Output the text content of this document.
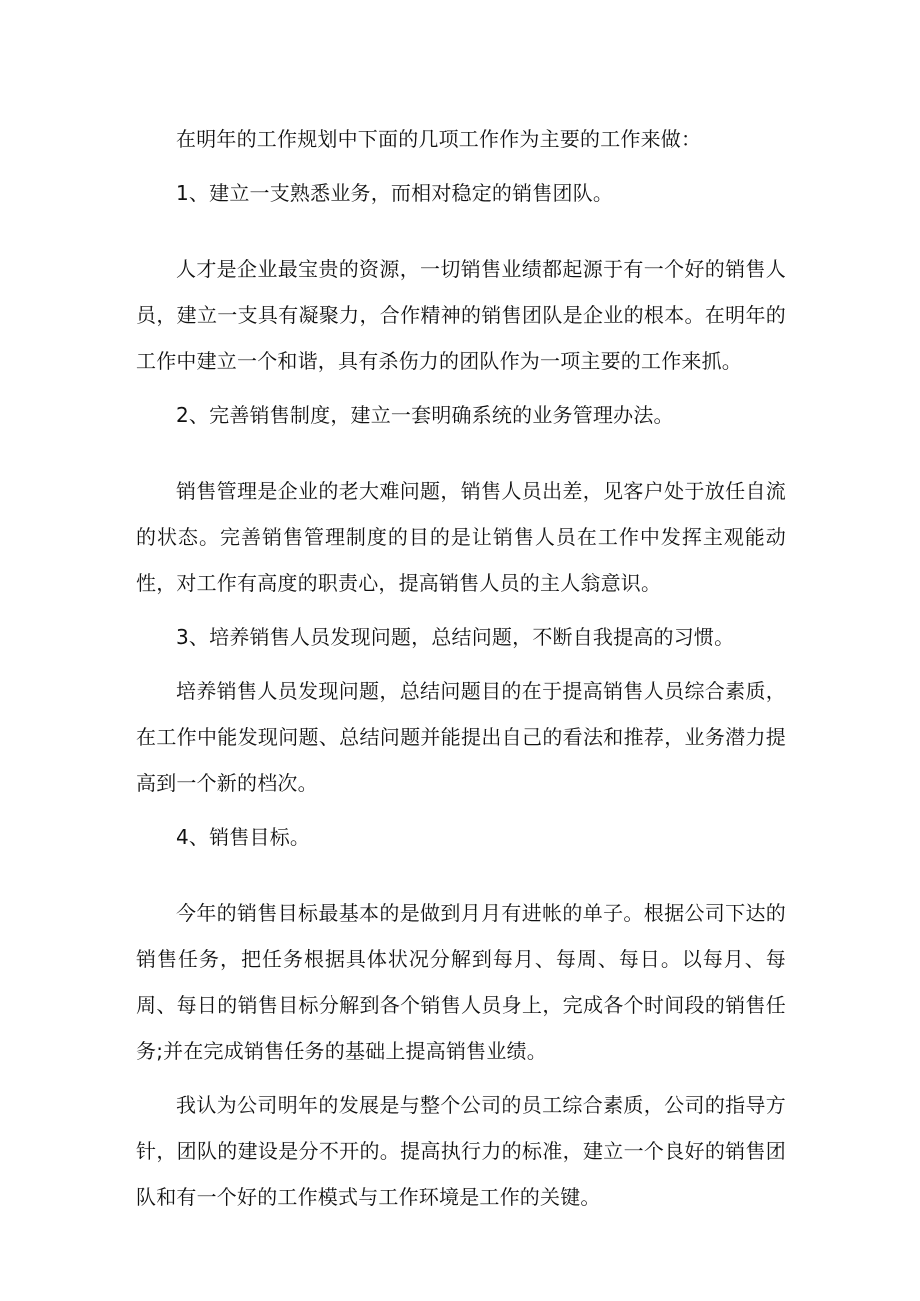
在明年的工作规划中下面的几项工作作为主要的工作来做：

1、建立一支熟悉业务，而相对稳定的销售团队。

人才是企业最宝贵的资源，一切销售业绩都起源于有一个好的销售人员，建立一支具有凝聚力，合作精神的销售团队是企业的根本。在明年的工作中建立一个和谐，具有杀伤力的团队作为一项主要的工作来抓。

2、完善销售制度，建立一套明确系统的业务管理办法。

销售管理是企业的老大难问题，销售人员出差，见客户处于放任自流的状态。完善销售管理制度的目的是让销售人员在工作中发挥主观能动性，对工作有高度的职责心，提高销售人员的主人翁意识。

3、培养销售人员发现问题，总结问题，不断自我提高的习惯。

培养销售人员发现问题，总结问题目的在于提高销售人员综合素质，在工作中能发现问题、总结问题并能提出自己的看法和推荐，业务潜力提高到一个新的档次。

4、销售目标。

今年的销售目标最基本的是做到月月有进帐的单子。根据公司下达的销售任务，把任务根据具体状况分解到每月、每周、每日。以每月、每周、每日的销售目标分解到各个销售人员身上，完成各个时间段的销售任务;并在完成销售任务的基础上提高销售业绩。

我认为公司明年的发展是与整个公司的员工综合素质，公司的指导方针，团队的建设是分不开的。提高执行力的标准，建立一个良好的销售团队和有一个好的工作模式与工作环境是工作的关键。
